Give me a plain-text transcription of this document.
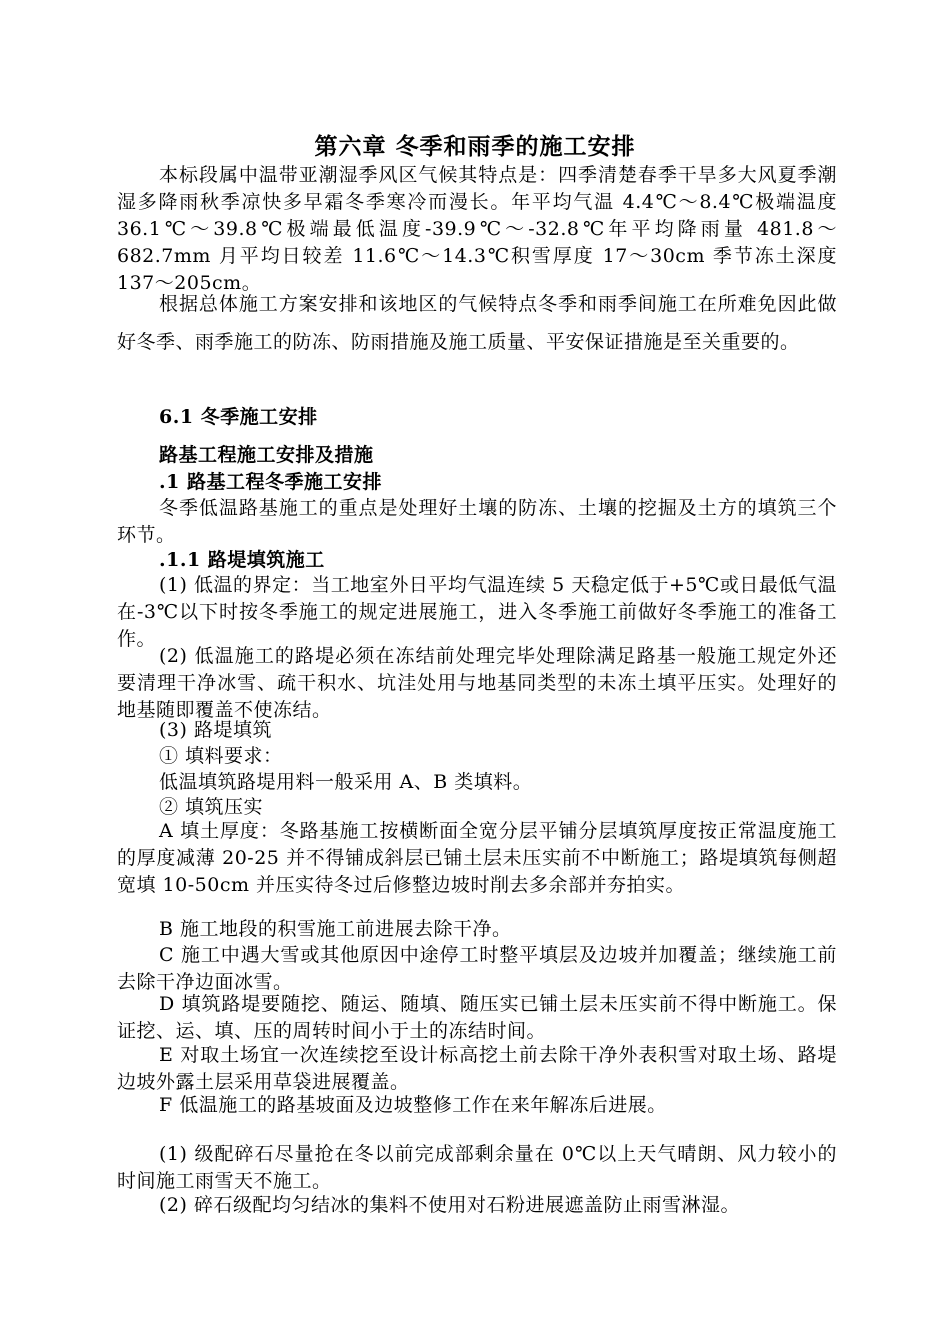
第六章 冬季和雨季的施工安排
本标段属中温带亚潮湿季风区气候其特点是：四季清楚春季干旱多大风夏季潮湿多降雨秋季凉快多早霜冬季寒冷而漫长。年平均气温 4.4℃～8.4℃极端温度 36.1℃～39.8℃极端最低温度-39.9℃～-32.8℃年平均降雨量 481.8～682.7mm 月平均日较差 11.6℃～14.3℃积雪厚度 17～30cm 季节冻土深度 137～205cm。
根据总体施工方案安排和该地区的气候特点冬季和雨季间施工在所难免因此做好冬季、雨季施工的防冻、防雨措施及施工质量、平安保证措施是至关重要的。
6.1 冬季施工安排
路基工程施工安排及措施
.1 路基工程冬季施工安排
冬季低温路基施工的重点是处理好土壤的防冻、土壤的挖掘及土方的填筑三个环节。
.1.1 路堤填筑施工
(1) 低温的界定：当工地室外日平均气温连续 5 天稳定低于+5℃或日最低气温在-3℃以下时按冬季施工的规定进展施工，进入冬季施工前做好冬季施工的准备工作。
(2) 低温施工的路堤必须在冻结前处理完毕处理除满足路基一般施工规定外还要清理干净冰雪、疏干积水、坑洼处用与地基同类型的未冻土填平压实。处理好的地基随即覆盖不使冻结。
(3) 路堤填筑
① 填料要求：
低温填筑路堤用料一般采用 A、B 类填料。
② 填筑压实
A 填土厚度：冬路基施工按横断面全宽分层平铺分层填筑厚度按正常温度施工的厚度减薄 20-25 并不得铺成斜层已铺土层未压实前不中断施工；路堤填筑每侧超宽填 10-50cm 并压实待冬过后修整边坡时削去多余部并夯拍实。
B 施工地段的积雪施工前进展去除干净。
C 施工中遇大雪或其他原因中途停工时整平填层及边坡并加覆盖；继续施工前去除干净边面冰雪。
D 填筑路堤要随挖、随运、随填、随压实已铺土层未压实前不得中断施工。保证挖、运、填、压的周转时间小于土的冻结时间。
E 对取土场宜一次连续挖至设计标高挖土前去除干净外表积雪对取土场、路堤边坡外露土层采用草袋进展覆盖。
F 低温施工的路基坡面及边坡整修工作在来年解冻后进展。
(1) 级配碎石尽量抢在冬以前完成部剩余量在 0℃以上天气晴朗、风力较小的时间施工雨雪天不施工。
(2) 碎石级配均匀结冰的集料不使用对石粉进展遮盖防止雨雪淋湿。
